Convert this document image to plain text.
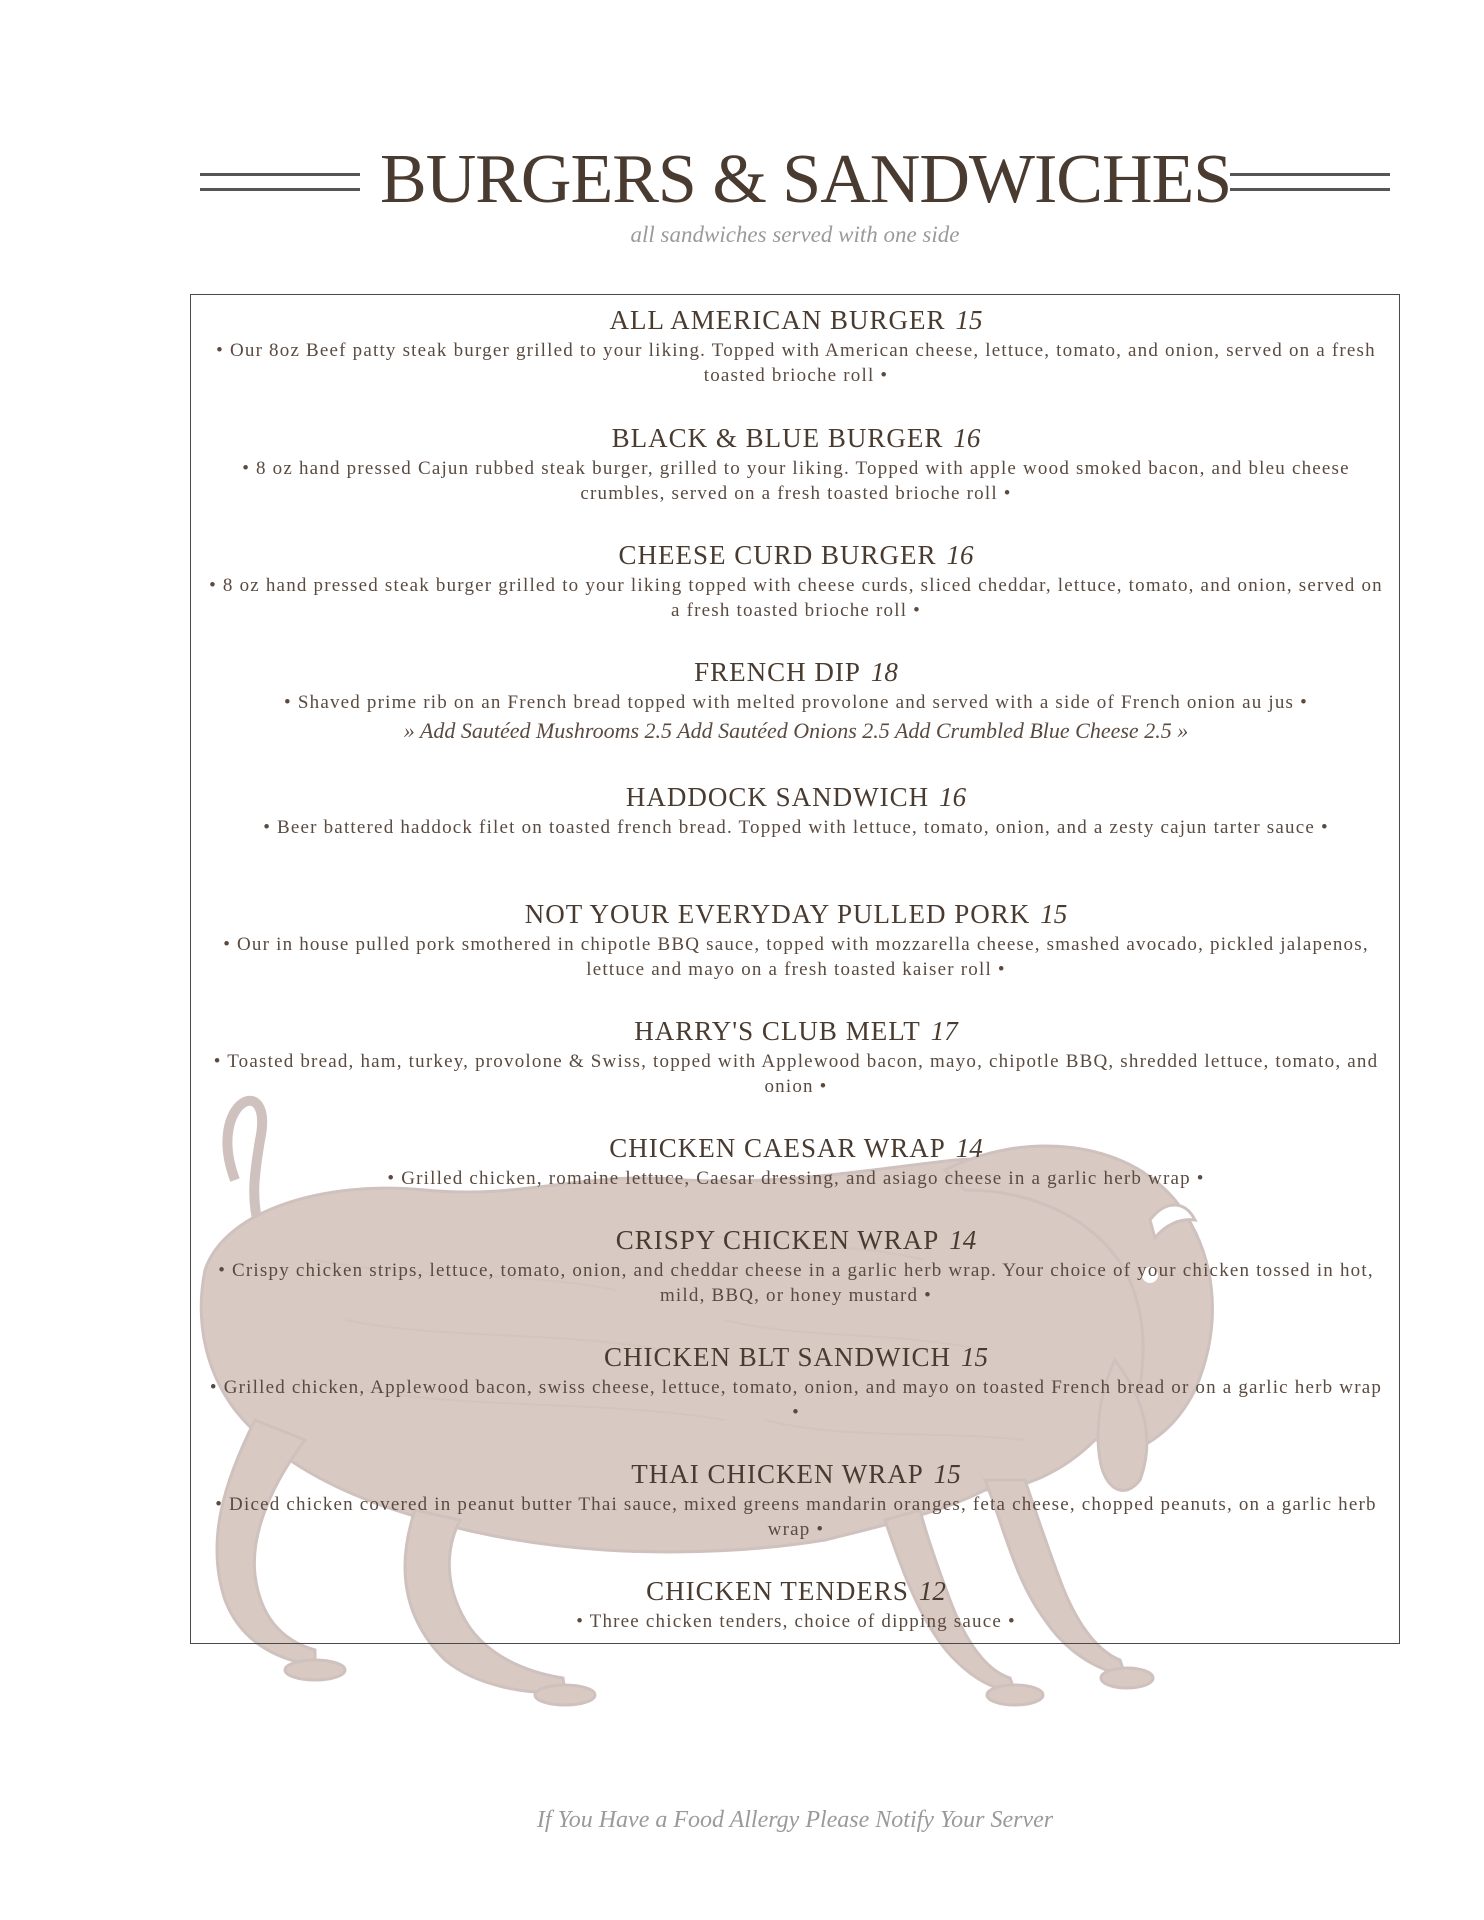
BURGERS & SANDWICHES
all sandwiches served with one side
ALL AMERICAN BURGER 15
• Our 8oz Beef patty steak burger grilled to your liking. Topped with American cheese, lettuce, tomato, and onion, served on a fresh toasted brioche roll •
BLACK & BLUE BURGER 16
• 8 oz hand pressed Cajun rubbed steak burger, grilled to your liking. Topped with apple wood smoked bacon, and bleu cheese crumbles, served on a fresh toasted brioche roll •
CHEESE CURD BURGER 16
• 8 oz hand pressed steak burger grilled to your liking topped with cheese curds, sliced cheddar, lettuce, tomato, and onion, served on a fresh toasted brioche roll •
FRENCH DIP 18
• Shaved prime rib on an French bread topped with melted provolone and served with a side of French onion au jus •
» Add Sautéed Mushrooms 2.5 Add Sautéed Onions 2.5 Add Crumbled Blue Cheese 2.5 »
HADDOCK SANDWICH 16
• Beer battered haddock filet on toasted french bread. Topped with lettuce, tomato, onion, and a zesty cajun tarter sauce •
NOT YOUR EVERYDAY PULLED PORK 15
• Our in house pulled pork smothered in chipotle BBQ sauce, topped with mozzarella cheese, smashed avocado, pickled jalapenos, lettuce and mayo on a fresh toasted kaiser roll •
HARRY'S CLUB MELT 17
• Toasted bread, ham, turkey, provolone & Swiss, topped with Applewood bacon, mayo, chipotle BBQ, shredded lettuce, tomato, and onion •
CHICKEN CAESAR WRAP 14
• Grilled chicken, romaine lettuce, Caesar dressing, and asiago cheese in a garlic herb wrap •
CRISPY CHICKEN WRAP 14
• Crispy chicken strips, lettuce, tomato, onion, and cheddar cheese in a garlic herb wrap. Your choice of your chicken tossed in hot, mild, BBQ, or honey mustard •
CHICKEN BLT SANDWICH 15
• Grilled chicken, Applewood bacon, swiss cheese, lettuce, tomato, onion, and mayo on toasted French bread or on a garlic herb wrap •
THAI CHICKEN WRAP 15
• Diced chicken covered in peanut butter Thai sauce, mixed greens mandarin oranges, feta cheese, chopped peanuts, on a garlic herb wrap •
CHICKEN TENDERS 12
• Three chicken tenders, choice of dipping sauce •
If You Have a Food Allergy Please Notify Your Server
